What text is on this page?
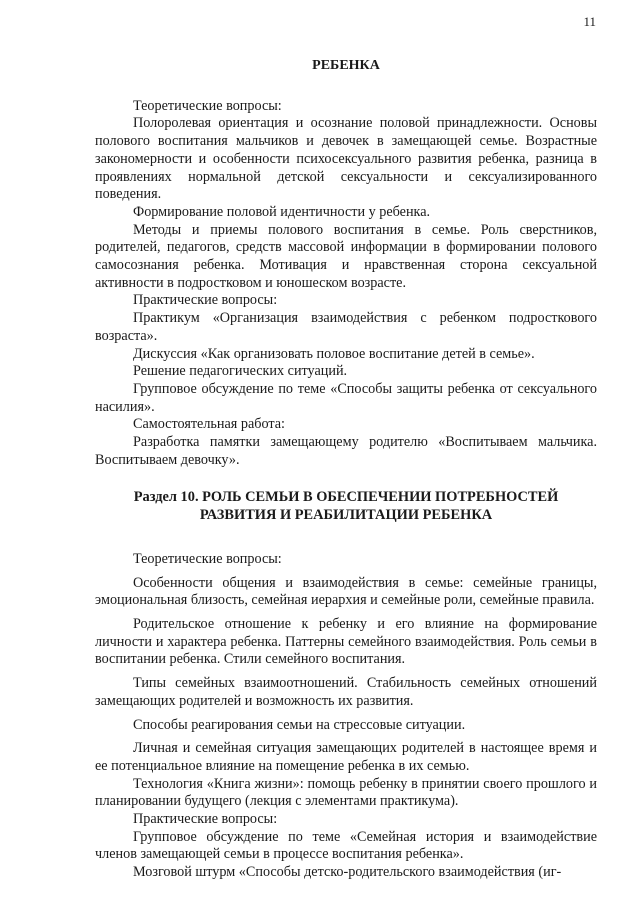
11
РЕБЕНКА

Теоретические вопросы:

Полоролевая ориентация и осознание половой принадлежности. Основы полового воспитания мальчиков и девочек в замещающей семье. Возрастные закономерности и особенности психосексуального развития ребенка, разница в проявлениях нормальной детской сексуальности и сексуализированного поведения.

Формирование половой идентичности у ребенка.

Методы и приемы полового воспитания в семье. Роль сверстников, родителей, педагогов, средств массовой информации в формировании полового самосознания ребенка. Мотивация и нравственная сторона сексуальной активности в подростковом и юношеском возрасте.

Практические вопросы:

Практикум «Организация взаимодействия с ребенком подросткового возраста».

Дискуссия «Как организовать половое воспитание детей в семье».

Решение педагогических ситуаций.

Групповое обсуждение по теме «Способы защиты ребенка от сексуального насилия».

Самостоятельная работа:

Разработка памятки замещающему родителю «Воспитываем мальчика. Воспитываем девочку».

Раздел 10. РОЛЬ СЕМЬИ В ОБЕСПЕЧЕНИИ ПОТРЕБНОСТЕЙ
РАЗВИТИЯ И РЕАБИЛИТАЦИИ РЕБЕНКА

Теоретические вопросы:

Особенности общения и взаимодействия в семье: семейные границы, эмоциональная близость, семейная иерархия и семейные роли, семейные правила.

Родительское отношение к ребенку и его влияние на формирование личности и характера ребенка. Паттерны семейного взаимодействия. Роль семьи в воспитании ребенка. Стили семейного воспитания.

Типы семейных взаимоотношений. Стабильность семейных отношений замещающих родителей и возможность их развития.

Способы реагирования семьи на стрессовые ситуации.

Личная и семейная ситуация замещающих родителей в настоящее время и ее потенциальное влияние на помещение ребенка в их семью.

Технология «Книга жизни»: помощь ребенку в принятии своего прошлого и планировании будущего (лекция с элементами практикума).

Практические вопросы:

Групповое обсуждение по теме «Семейная история и взаимодействие членов замещающей семьи в процессе воспитания ребенка».

Мозговой штурм «Способы детско-родительского взаимодействия (иг-
